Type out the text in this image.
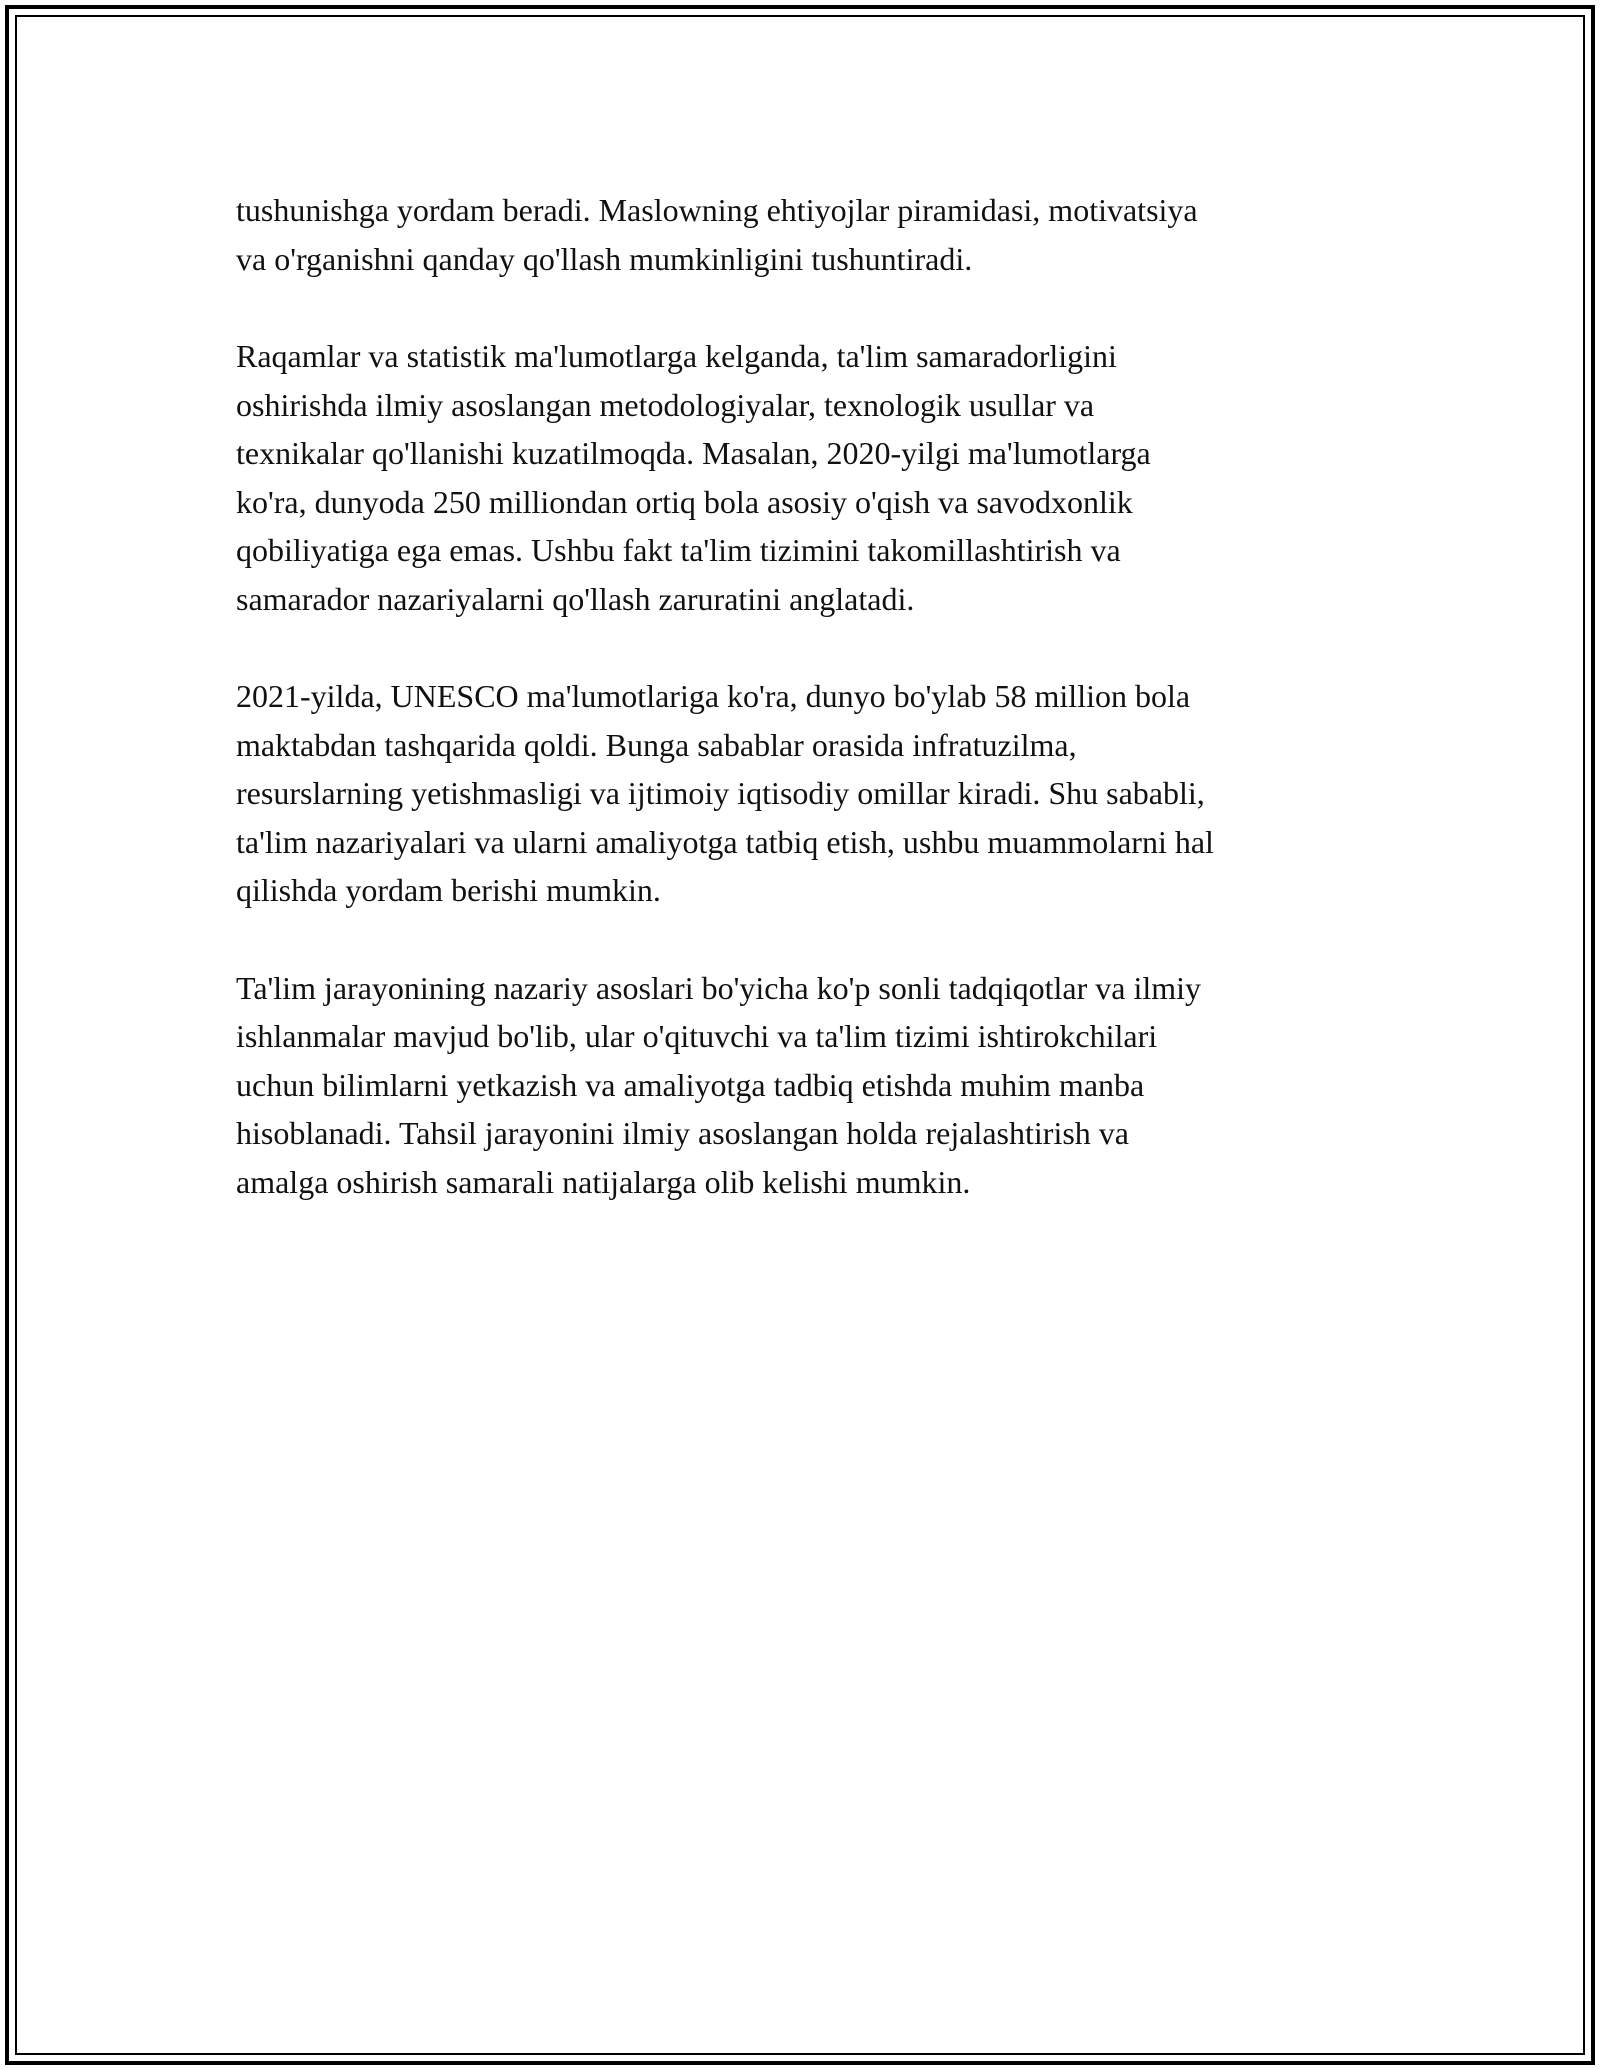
tushunishga yordam beradi. Maslowning ehtiyojlar piramidasi, motivatsiya
va o'rganishni qanday qo'llash mumkinligini tushuntiradi.

Raqamlar va statistik ma'lumotlarga kelganda, ta'lim samaradorligini
oshirishda ilmiy asoslangan metodologiyalar, texnologik usullar va
texnikalar qo'llanishi kuzatilmoqda. Masalan, 2020-yilgi ma'lumotlarga
ko'ra, dunyoda 250 milliondan ortiq bola asosiy o'qish va savodxonlik
qobiliyatiga ega emas. Ushbu fakt ta'lim tizimini takomillashtirish va
samarador nazariyalarni qo'llash zaruratini anglatadi.

2021-yilda, UNESCO ma'lumotlariga ko'ra, dunyo bo'ylab 58 million bola
maktabdan tashqarida qoldi. Bunga sabablar orasida infratuzilma,
resurslarning yetishmasligi va ijtimoiy iqtisodiy omillar kiradi. Shu sababli,
ta'lim nazariyalari va ularni amaliyotga tatbiq etish, ushbu muammolarni hal
qilishda yordam berishi mumkin.

Ta'lim jarayonining nazariy asoslari bo'yicha ko'p sonli tadqiqotlar va ilmiy
ishlanmalar mavjud bo'lib, ular o'qituvchi va ta'lim tizimi ishtirokchilari
uchun bilimlarni yetkazish va amaliyotga tadbiq etishda muhim manba
hisoblanadi. Tahsil jarayonini ilmiy asoslangan holda rejalashtirish va
amalga oshirish samarali natijalarga olib kelishi mumkin.
